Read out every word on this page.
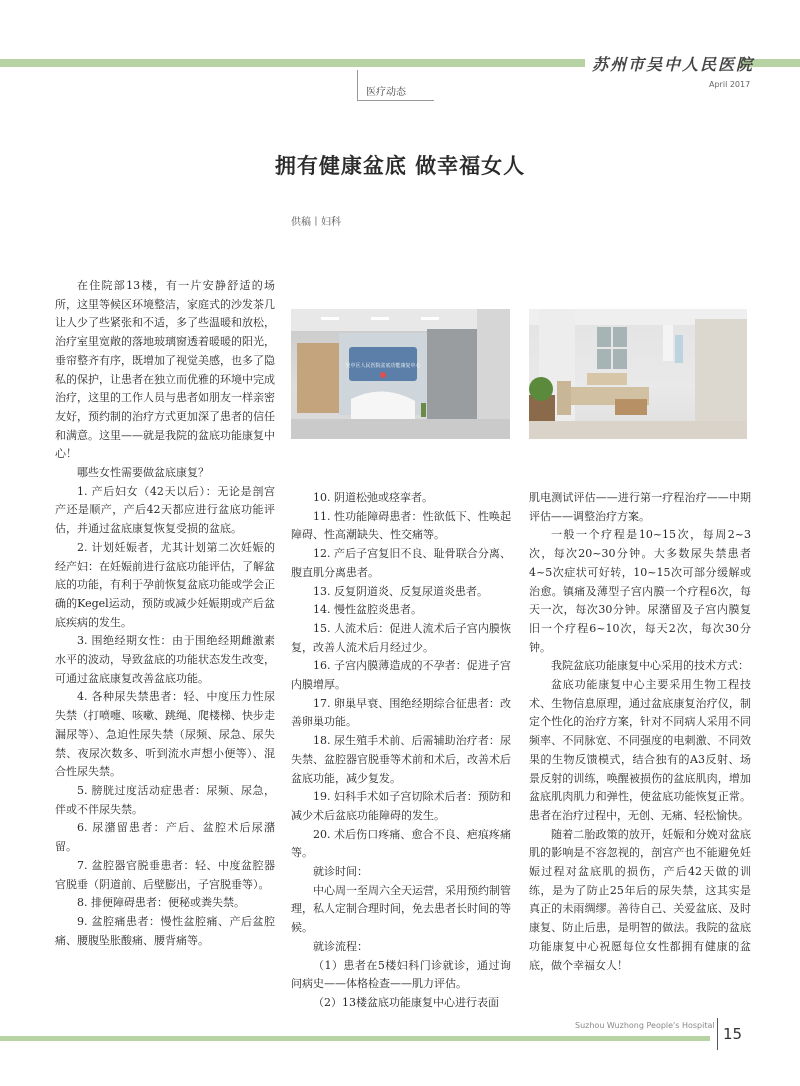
苏州市吴中人民医院
April 2017
医疗动态
拥有健康盆底 做幸福女人
供稿丨妇科

在住院部13楼，有一片安静舒适的场所，这里等候区环境整洁，家庭式的沙发茶几让人少了些紧张和不适，多了些温暖和放松，治疗室里宽敞的落地玻璃窗透着暖暖的阳光，垂帘整齐有序，既增加了视觉美感，也多了隐私的保护，让患者在独立而优雅的环境中完成治疗，这里的工作人员与患者如朋友一样亲密友好，预约制的治疗方式更加深了患者的信任和满意。这里——就是我院的盆底功能康复中心！

哪些女性需要做盆底康复？

1. 产后妇女（42天以后）：无论是剖宫产还是顺产，产后42天都应进行盆底功能评估，并通过盆底康复恢复受损的盆底。

2. 计划妊娠者，尤其计划第二次妊娠的经产妇：在妊娠前进行盆底功能评估，了解盆底的功能，有利于孕前恢复盆底功能或学会正确的Kegel运动，预防或减少妊娠期或产后盆底疾病的发生。

3. 围绝经期女性：由于围绝经期雌激素水平的波动，导致盆底的功能状态发生改变，可通过盆底康复改善盆底功能。

4. 各种尿失禁患者：轻、中度压力性尿失禁（打喷嚏、咳嗽、跳绳、爬楼梯、快步走漏尿等）、急迫性尿失禁（尿频、尿急、尿失禁、夜尿次数多、听到流水声想小便等）、混合性尿失禁。

5. 膀胱过度活动症患者：尿频、尿急，伴或不伴尿失禁。

6. 尿潴留患者：产后、盆腔术后尿潴留。

7. 盆腔器官脱垂患者：轻、中度盆腔器官脱垂（阴道前、后壁膨出，子宫脱垂等）。

8. 排便障碍患者：便秘或粪失禁。

9. 盆腔痛患者：慢性盆腔痛、产后盆腔痛、腰腹坠胀酸痛、腰背痛等。

吴中区人民医院盆底功能康复中心

10. 阴道松弛或痉挛者。

11. 性功能障碍患者：性欲低下、性唤起障碍、性高潮缺失、性交痛等。

12. 产后子宫复旧不良、耻骨联合分离、腹直肌分离患者。

13. 反复阴道炎、反复尿道炎患者。

14. 慢性盆腔炎患者。

15. 人流术后：促进人流术后子宫内膜恢复，改善人流术后月经过少。

16. 子宫内膜薄造成的不孕者：促进子宫内膜增厚。

17. 卵巢早衰、围绝经期综合征患者：改善卵巢功能。

18. 尿生殖手术前、后需辅助治疗者：尿失禁、盆腔器官脱垂等术前和术后，改善术后盆底功能，减少复发。

19. 妇科手术如子宫切除术后者：预防和减少术后盆底功能障碍的发生。

20. 术后伤口疼痛、愈合不良、疤痕疼痛等。

就诊时间：

中心周一至周六全天运营，采用预约制管理，私人定制合理时间，免去患者长时间的等候。

就诊流程：

（1）患者在5楼妇科门诊就诊，通过询问病史——体格检查——肌力评估。

（2）13楼盆底功能康复中心进行表面

肌电测试评估——进行第一疗程治疗——中期评估——调整治疗方案。

一般一个疗程是10~15次，每周2~3次，每次20~30分钟。大多数尿失禁患者4~5次症状可好转，10~15次可部分缓解或治愈。镇痛及薄型子宫内膜一个疗程6次，每天一次，每次30分钟。尿潴留及子宫内膜复旧一个疗程6~10次，每天2次，每次30分钟。

我院盆底功能康复中心采用的技术方式：

盆底功能康复中心主要采用生物工程技术、生物信息原理，通过盆底康复治疗仪，制定个性化的治疗方案，针对不同病人采用不同频率、不同脉宽、不同强度的电刺激、不同效果的生物反馈模式，结合独有的A3反射、场景反射的训练，唤醒被损伤的盆底肌肉，增加盆底肌肉肌力和弹性，使盆底功能恢复正常。患者在治疗过程中，无创、无痛、轻松愉快。

随着二胎政策的放开，妊娠和分娩对盆底肌的影响是不容忽视的，剖宫产也不能避免妊娠过程对盆底肌的损伤，产后42天做的训练，是为了防止25年后的尿失禁，这其实是真正的未雨绸缪。善待自己、关爱盆底、及时康复、防止后患，是明智的做法。我院的盆底功能康复中心祝愿每位女性都拥有健康的盆底，做个幸福女人！

Suzhou Wuzhong People's Hospital 15
